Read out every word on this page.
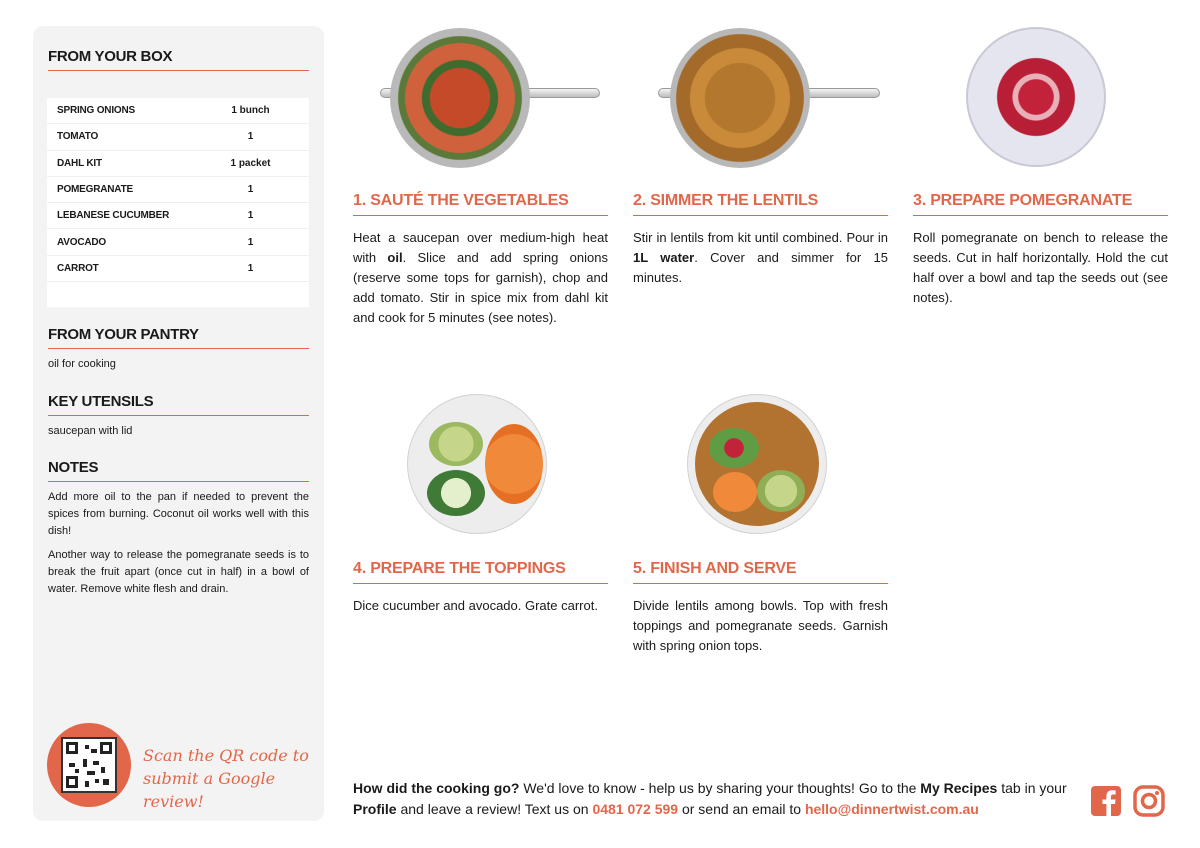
FROM YOUR BOX
SPRING ONIONS	1 bunch
TOMATO	1
DAHL KIT	1 packet
POMEGRANATE	1
LEBANESE CUCUMBER	1
AVOCADO	1
CARROT	1
FROM YOUR PANTRY
oil for cooking
KEY UTENSILS
saucepan with lid
NOTES
Add more oil to the pan if needed to prevent the spices from burning. Coconut oil works well with this dish!
Another way to release the pomegranate seeds is to break the fruit apart (once cut in half) in a bowl of water. Remove white flesh and drain.
Scan the QR code to submit a Google review!
1. SAUTÉ THE VEGETABLES
Heat a saucepan over medium-high heat with oil. Slice and add spring onions (reserve some tops for garnish), chop and add tomato. Stir in spice mix from dahl kit and cook for 5 minutes (see notes).
2. SIMMER THE LENTILS
Stir in lentils from kit until combined. Pour in 1L water. Cover and simmer for 15 minutes.
3. PREPARE POMEGRANATE
Roll pomegranate on bench to release the seeds. Cut in half horizontally. Hold the cut half over a bowl and tap the seeds out (see notes).
4. PREPARE THE TOPPINGS
Dice cucumber and avocado. Grate carrot.
5. FINISH AND SERVE
Divide lentils among bowls. Top with fresh toppings and pomegranate seeds. Garnish with spring onion tops.
How did the cooking go? We'd love to know - help us by sharing your thoughts! Go to the My Recipes tab in your Profile and leave a review! Text us on 0481 072 599 or send an email to hello@dinnertwist.com.au
